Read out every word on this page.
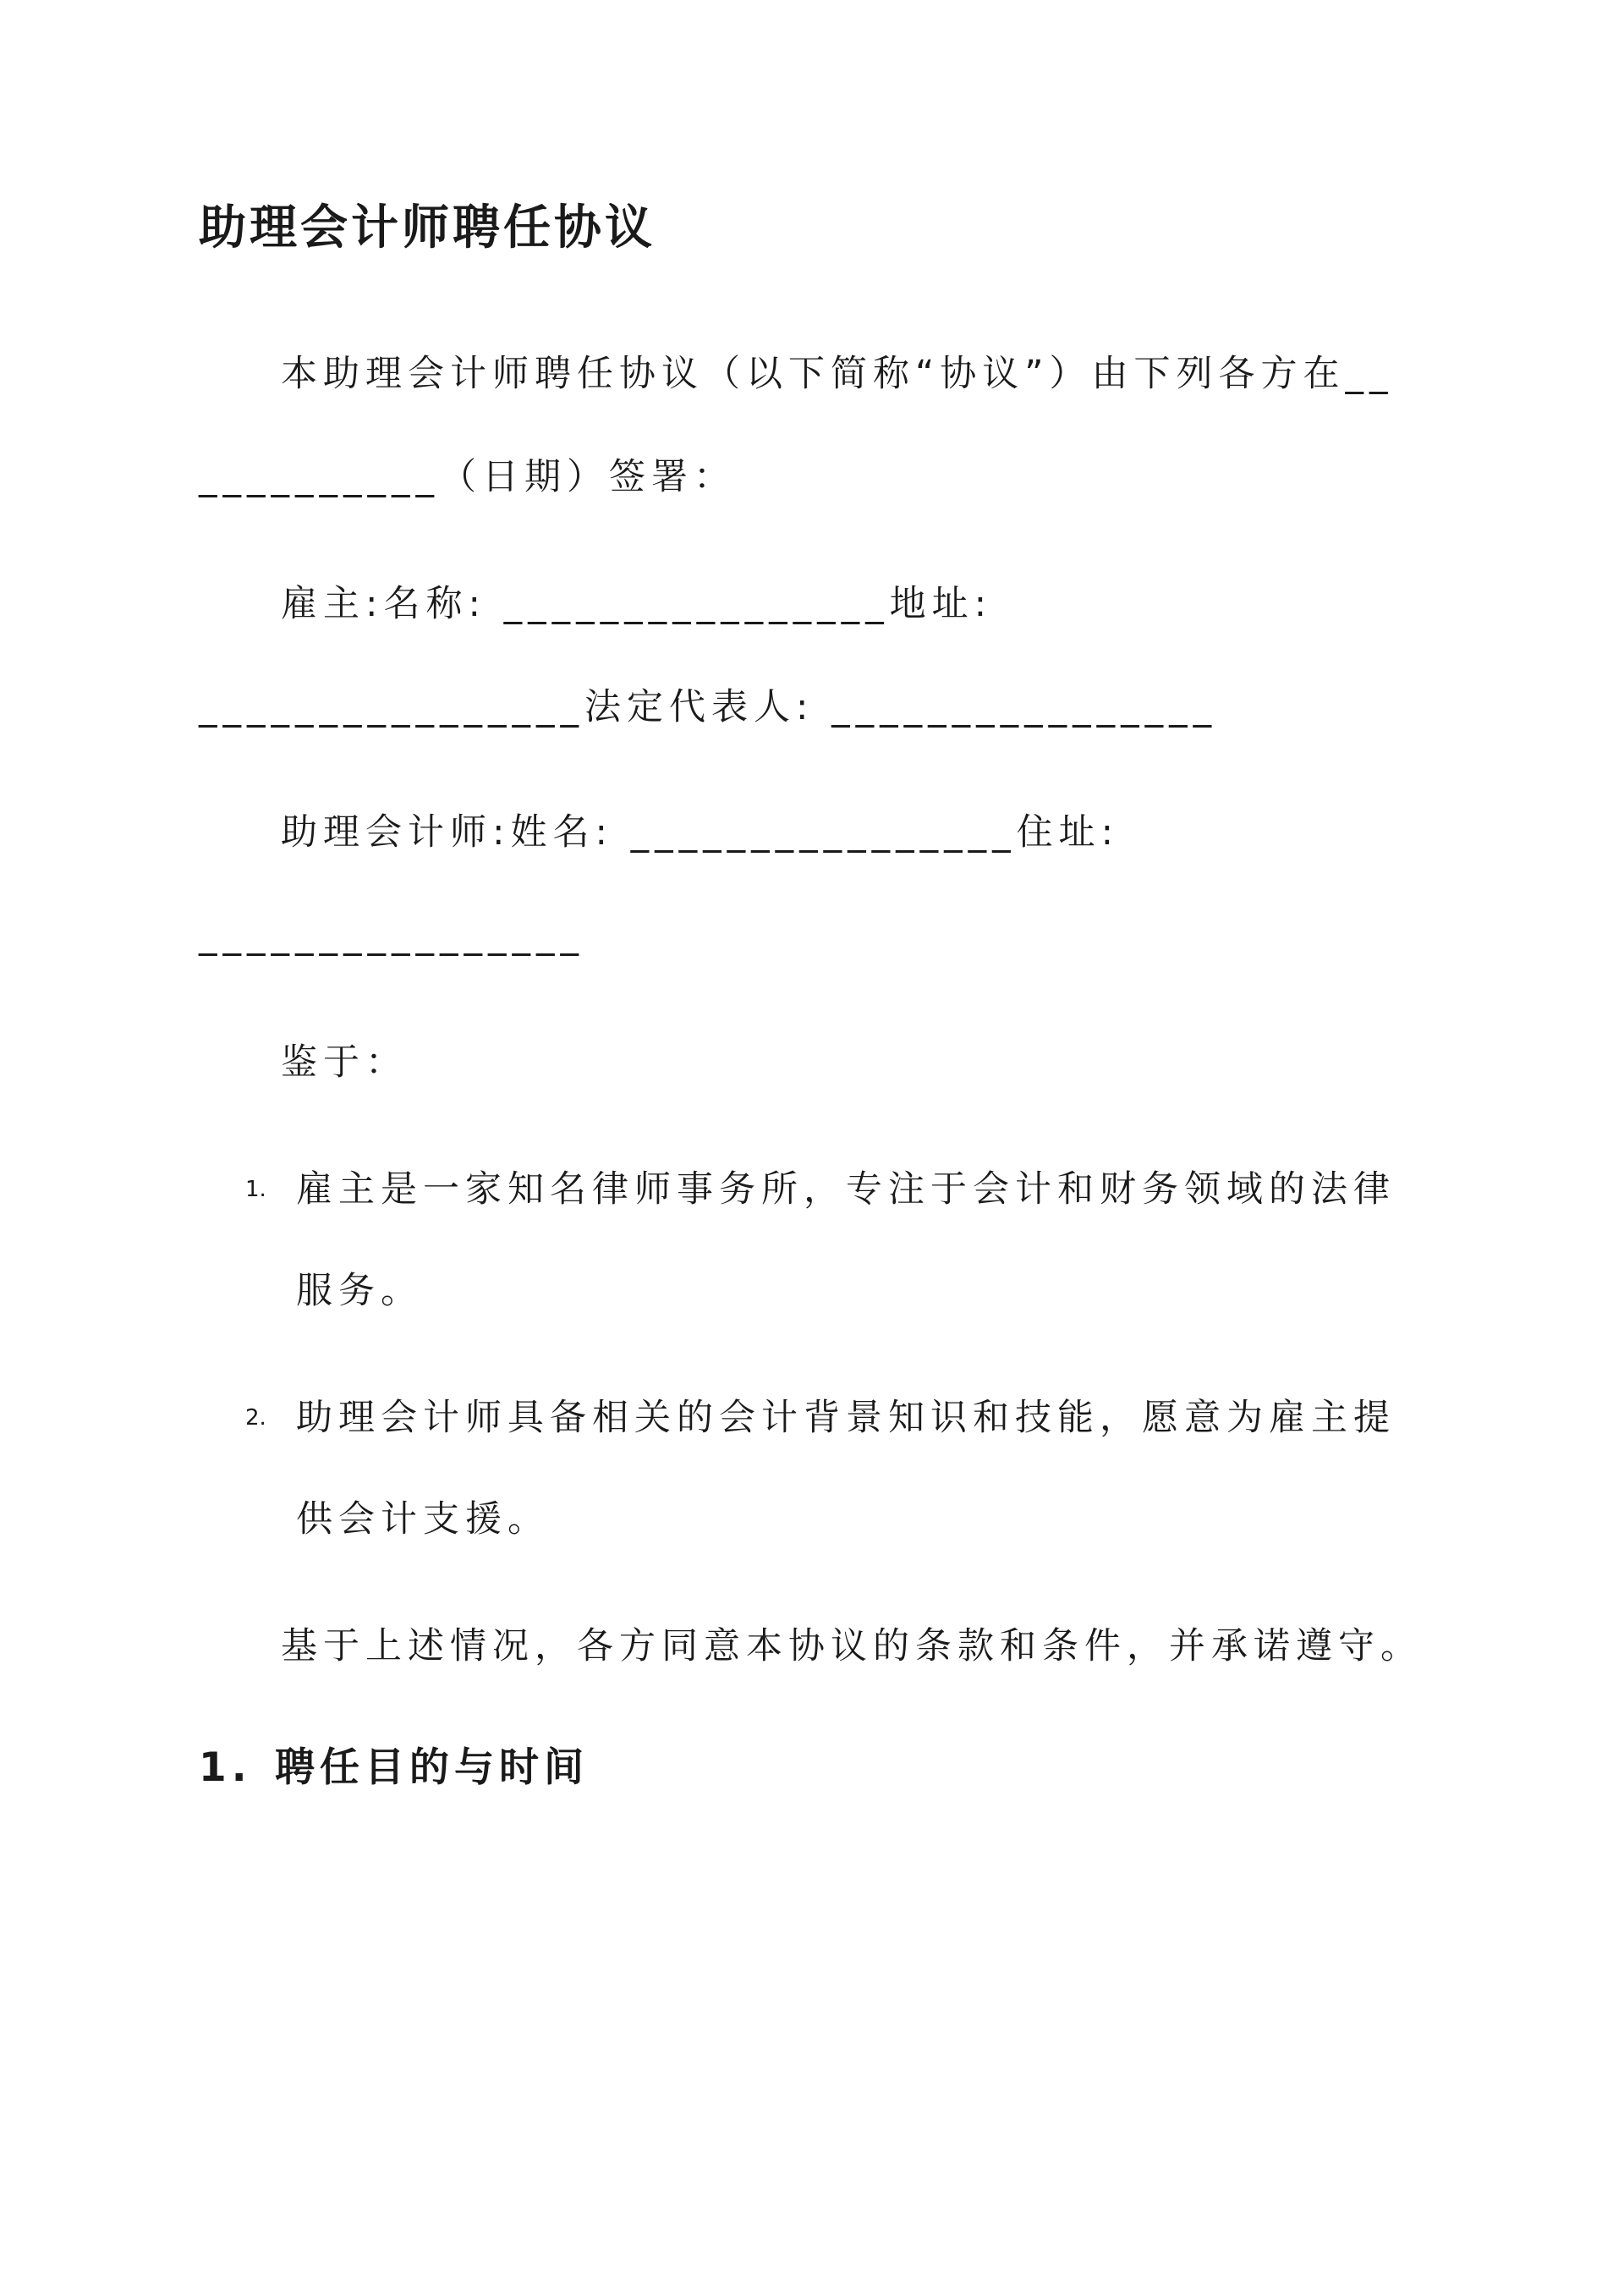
助理会计师聘任协议
本助理会计师聘任协议（以下简称“协议”）由下列各方在__
__________（日期）签署：
雇主:名称: ________________地址:
________________法定代表人: ________________
助理会计师:姓名: ________________住址:
________________
鉴于：
1. 雇主是一家知名律师事务所，专注于会计和财务领域的法律
服务。
2. 助理会计师具备相关的会计背景知识和技能，愿意为雇主提
供会计支援。
基于上述情况，各方同意本协议的条款和条件，并承诺遵守。
1. 聘任目的与时间
